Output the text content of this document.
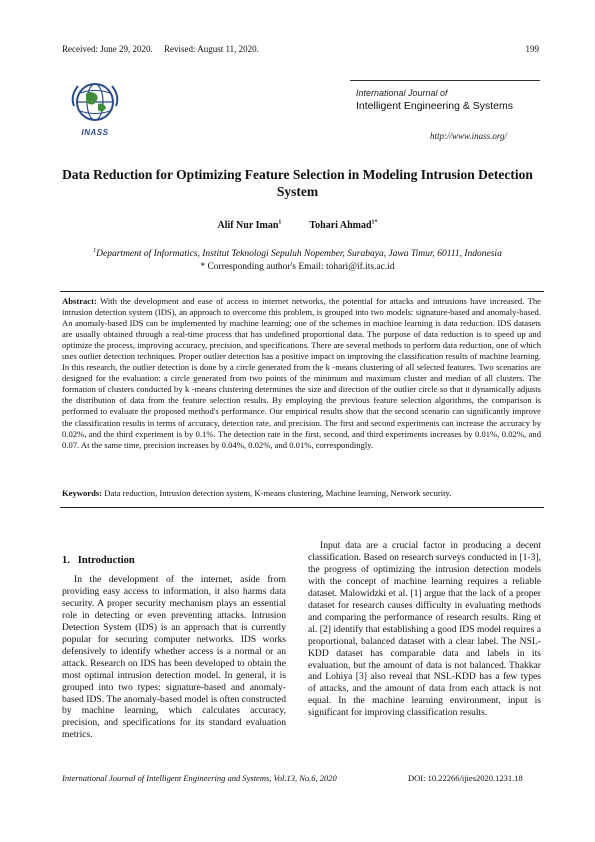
Received: June 29, 2020.     Revised: August 11, 2020.	199
INASS
International Journal of
Intelligent Engineering & Systems
http://www.inass.org/
Data Reduction for Optimizing Feature Selection in Modeling Intrusion Detection System
Alif Nur Iman$^1$	Tohari Ahmad$^{1*}$
$^1$Department of Informatics, Institut Teknologi Sepuluh Nopember, Surabaya, Jawa Timur, 60111, Indonesia
* Corresponding author's Email: tohari@if.its.ac.id
Abstract: With the development and ease of access to internet networks, the potential for attacks and intrusions have increased. The intrusion detection system (IDS), an approach to overcome this problem, is grouped into two models: signature-based and anomaly-based. An anomaly-based IDS can be implemented by machine learning; one of the schemes in machine learning is data reduction. IDS datasets are usually obtained through a real-time process that has undefined proportional data. The purpose of data reduction is to speed up and optimize the process, improving accuracy, precision, and specifications. There are several methods to perform data reduction, one of which uses outlier detection techniques. Proper outlier detection has a positive impact on improving the classification results of machine learning. In this research, the outlier detection is done by a circle generated from the k -means clustering of all selected features. Two scenarios are designed for the evaluation: a circle generated from two points of the minimum and maximum cluster and median of all clusters. The formation of clusters conducted by k -means clustering determines the size and direction of the outlier circle so that it dynamically adjusts the distribution of data from the feature selection results. By employing the previous feature selection algorithms, the comparison is performed to evaluate the proposed method's performance. Our empirical results show that the second scenario can significantly improve the classification results in terms of accuracy, detection rate, and precision. The first and second experiments can increase the accuracy by 0.02%, and the third experiment is by 0.1%. The detection rate in the first, second, and third experiments increases by 0.01%, 0.02%, and 0.07. At the same time, precision increases by 0.04%, 0.02%, and 0.01%, correspondingly.
Keywords: Data reduction, Intrusion detection system, K-means clustering, Machine learning, Network security.
1.   Introduction
In the development of the internet, aside from providing easy access to information, it also harms data security. A proper security mechanism plays an essential role in detecting or even preventing attacks. Intrusion Detection System (IDS) is an approach that is currently popular for securing computer networks. IDS works defensively to identify whether access is a normal or an attack. Research on IDS has been developed to obtain the most optimal intrusion detection model. In general, it is grouped into two types: signature-based and anomaly-based IDS. The anomaly-based model is often constructed by machine learning, which calculates accuracy, precision, and specifications for its standard evaluation metrics.
Input data are a crucial factor in producing a decent classification. Based on research surveys conducted in [1-3], the progress of optimizing the intrusion detection models with the concept of machine learning requires a reliable dataset. Malowidzki et al. [1] argue that the lack of a proper dataset for research causes difficulty in evaluating methods and comparing the performance of research results. Ring et al. [2] identify that establishing a good IDS model requires a proportional, balanced dataset with a clear label. The NSL-KDD dataset has comparable data and labels in its evaluation, but the amount of data is not balanced. Thakkar and Lohiya [3] also reveal that NSL-KDD has a few types of attacks, and the amount of data from each attack is not equal. In the machine learning environment, input is significant for improving classification results.
International Journal of Intelligent Engineering and Systems, Vol.13, No.6, 2020	DOI: 10.22266/ijies2020.1231.18
